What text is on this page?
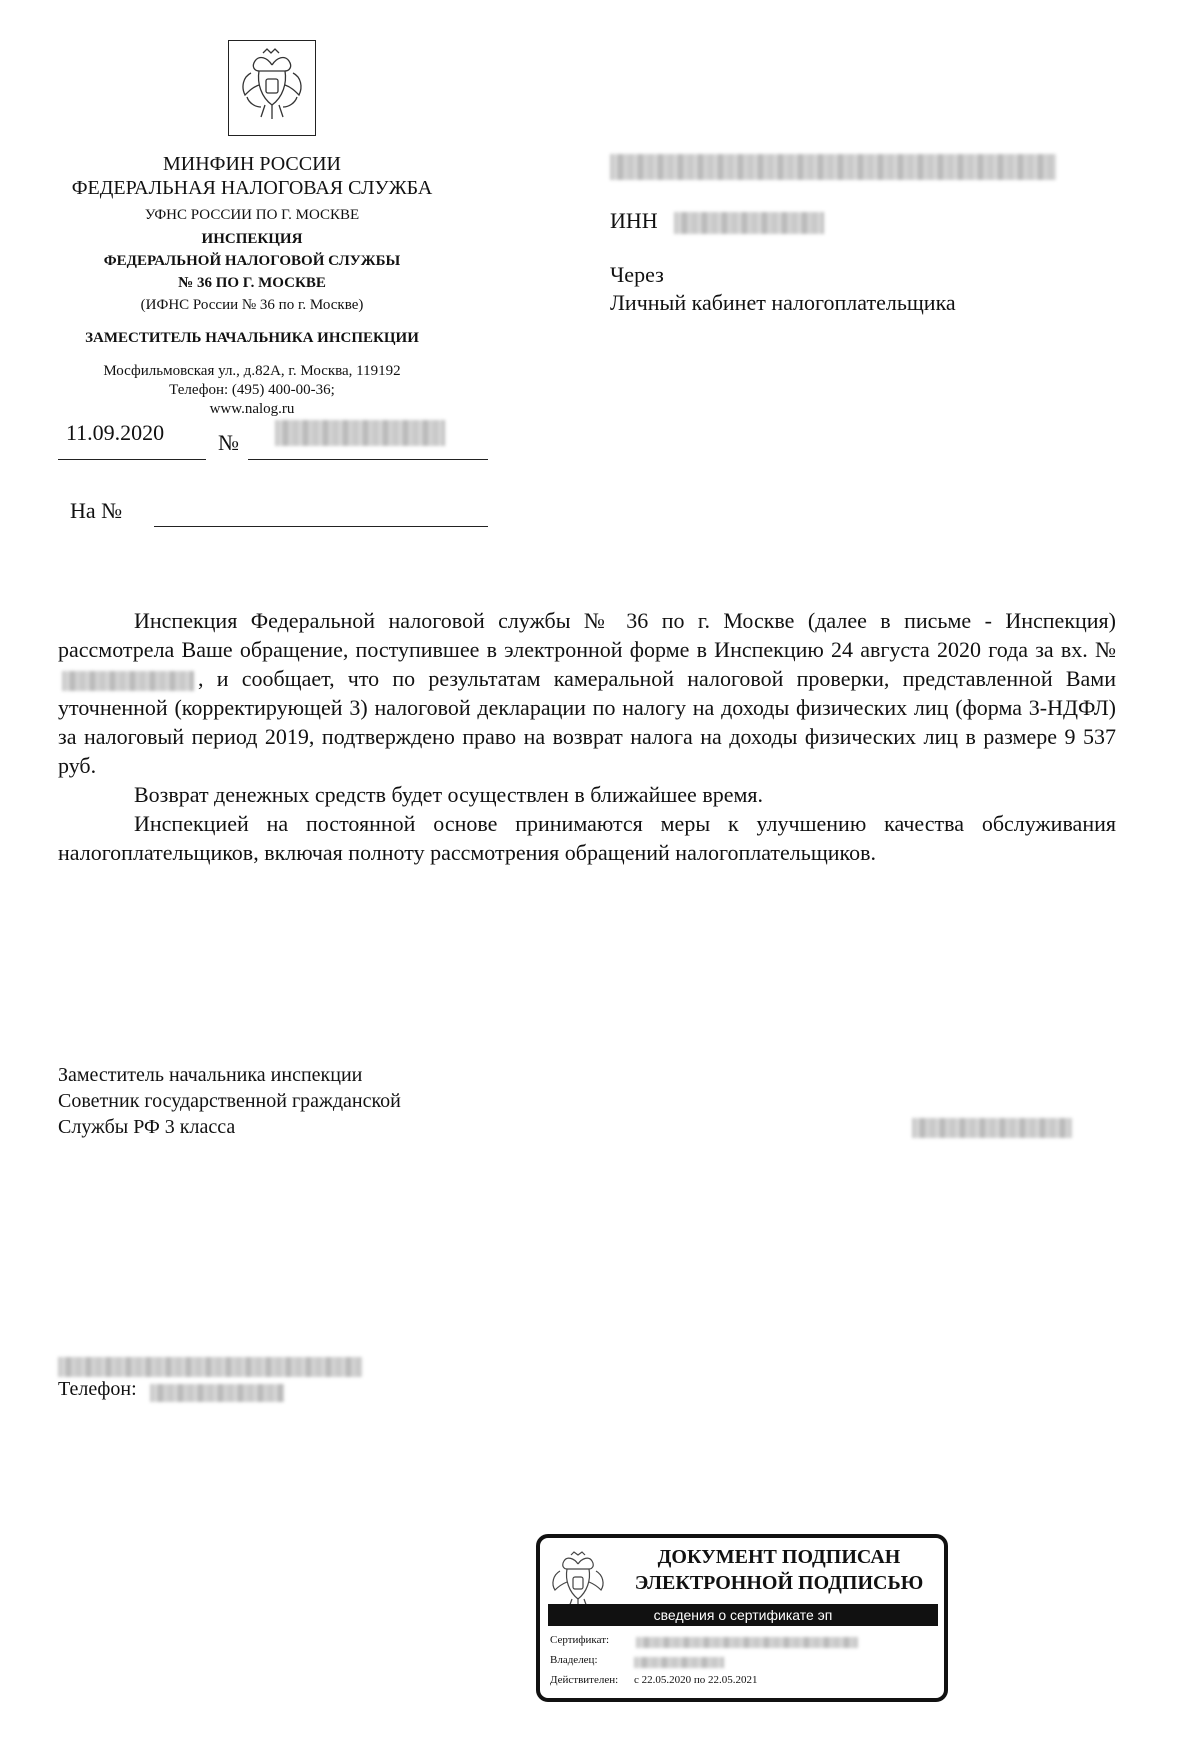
МИНФИН РОССИИ
ФЕДЕРАЛЬНАЯ НАЛОГОВАЯ СЛУЖБА
УФНС РОССИИ ПО Г. МОСКВЕ
ИНСПЕКЦИЯ
ФЕДЕРАЛЬНОЙ НАЛОГОВОЙ СЛУЖБЫ
№ 36 ПО Г. МОСКВЕ
(ИФНС России № 36 по г. Москве)
ЗАМЕСТИТЕЛЬ НАЧАЛЬНИКА ИНСПЕКЦИИ
Мосфильмовская ул., д.82А, г. Москва, 119192
Телефон: (495) 400-00-36;
www.nalog.ru
11.09.2020 №
На №
ИНН
Через
Личный кабинет налогоплательщика

Инспекция Федеральной налоговой службы № 36 по г. Москве (далее в письме - Инспекция) рассмотрела Ваше обращение, поступившее в электронной форме в Инспекцию 24 августа 2020 года за вх. №, и сообщает, что по результатам камеральной налоговой проверки, представленной Вами уточненной (корректирующей 3) налоговой декларации по налогу на доходы физических лиц (форма 3-НДФЛ) за налоговый период 2019, подтверждено право на возврат налога на доходы физических лиц в размере 9 537 руб.

Возврат денежных средств будет осуществлен в ближайшее время.

Инспекцией на постоянной основе принимаются меры к улучшению качества обслуживания налогоплательщиков, включая полноту рассмотрения обращений налогоплательщиков.

Заместитель начальника инспекции
Советник государственной гражданской
Службы РФ 3 класса
Телефон:
ДОКУМЕНТ ПОДПИСАН
ЭЛЕКТРОННОЙ ПОДПИСЬЮ
сведения о сертификате эп
Сертификат:
Владелец:
Действителен: с 22.05.2020 по 22.05.2021
